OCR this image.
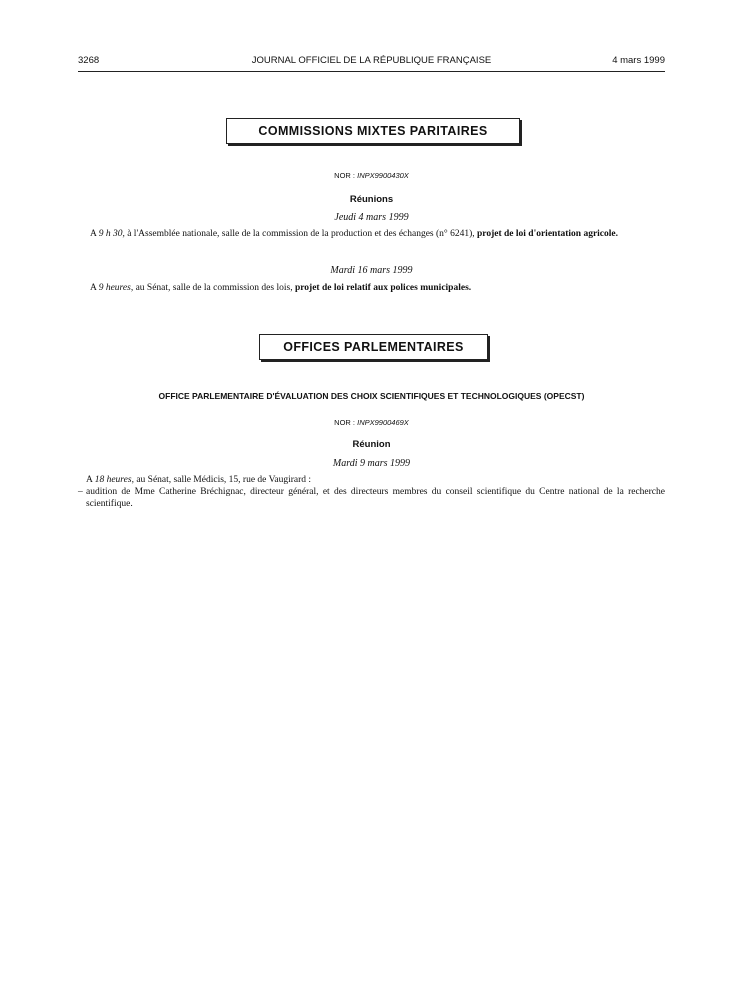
3268	JOURNAL OFFICIEL DE LA RÉPUBLIQUE FRANÇAISE	4 mars 1999
COMMISSIONS MIXTES PARITAIRES
NOR : INPX9900430X
Réunions
Jeudi 4 mars 1999
A 9 h 30, à l'Assemblée nationale, salle de la commission de la production et des échanges (n° 6241), projet de loi d'orientation agricole.
Mardi 16 mars 1999
A 9 heures, au Sénat, salle de la commission des lois, projet de loi relatif aux polices municipales.
OFFICES PARLEMENTAIRES
OFFICE PARLEMENTAIRE D'ÉVALUATION DES CHOIX SCIENTIFIQUES ET TECHNOLOGIQUES (OPECST)
NOR : INPX9900469X
Réunion
Mardi 9 mars 1999
A 18 heures, au Sénat, salle Médicis, 15, rue de Vaugirard :
– audition de Mme Catherine Bréchignac, directeur général, et des directeurs membres du conseil scientifique du Centre national de la recherche scientifique.
